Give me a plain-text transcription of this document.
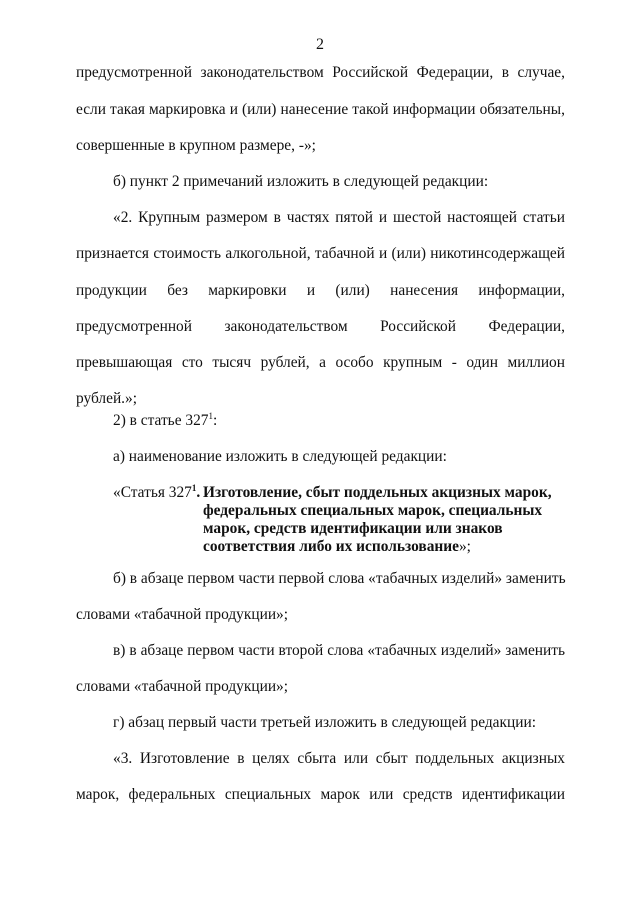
2
предусмотренной законодательством Российской Федерации, в случае,
если такая маркировка и (или) нанесение такой информации обязательны,
совершенные в крупном размере, -»;
б) пункт 2 примечаний изложить в следующей редакции:
«2. Крупным размером в частях пятой и шестой настоящей статьи
признается стоимость алкогольной, табачной и (или) никотинсодержащей
продукции без маркировки и (или) нанесения информации,
предусмотренной законодательством Российской Федерации,
превышающая сто тысяч рублей, а особо крупным - один миллион
рублей.»;
2) в статье $327^1$:
а) наименование изложить в следующей редакции:
«Статья $327^1$. Изготовление, сбыт поддельных акцизных марок,
федеральных специальных марок, специальных
марок, средств идентификации или знаков
соответствия либо их использование»;
б) в абзаце первом части первой слова «табачных изделий» заменить
словами «табачной продукции»;
в) в абзаце первом части второй слова «табачных изделий» заменить
словами «табачной продукции»;
г) абзац первый части третьей изложить в следующей редакции:
«3. Изготовление в целях сбыта или сбыт поддельных акцизных
марок, федеральных специальных марок или средств идентификации
